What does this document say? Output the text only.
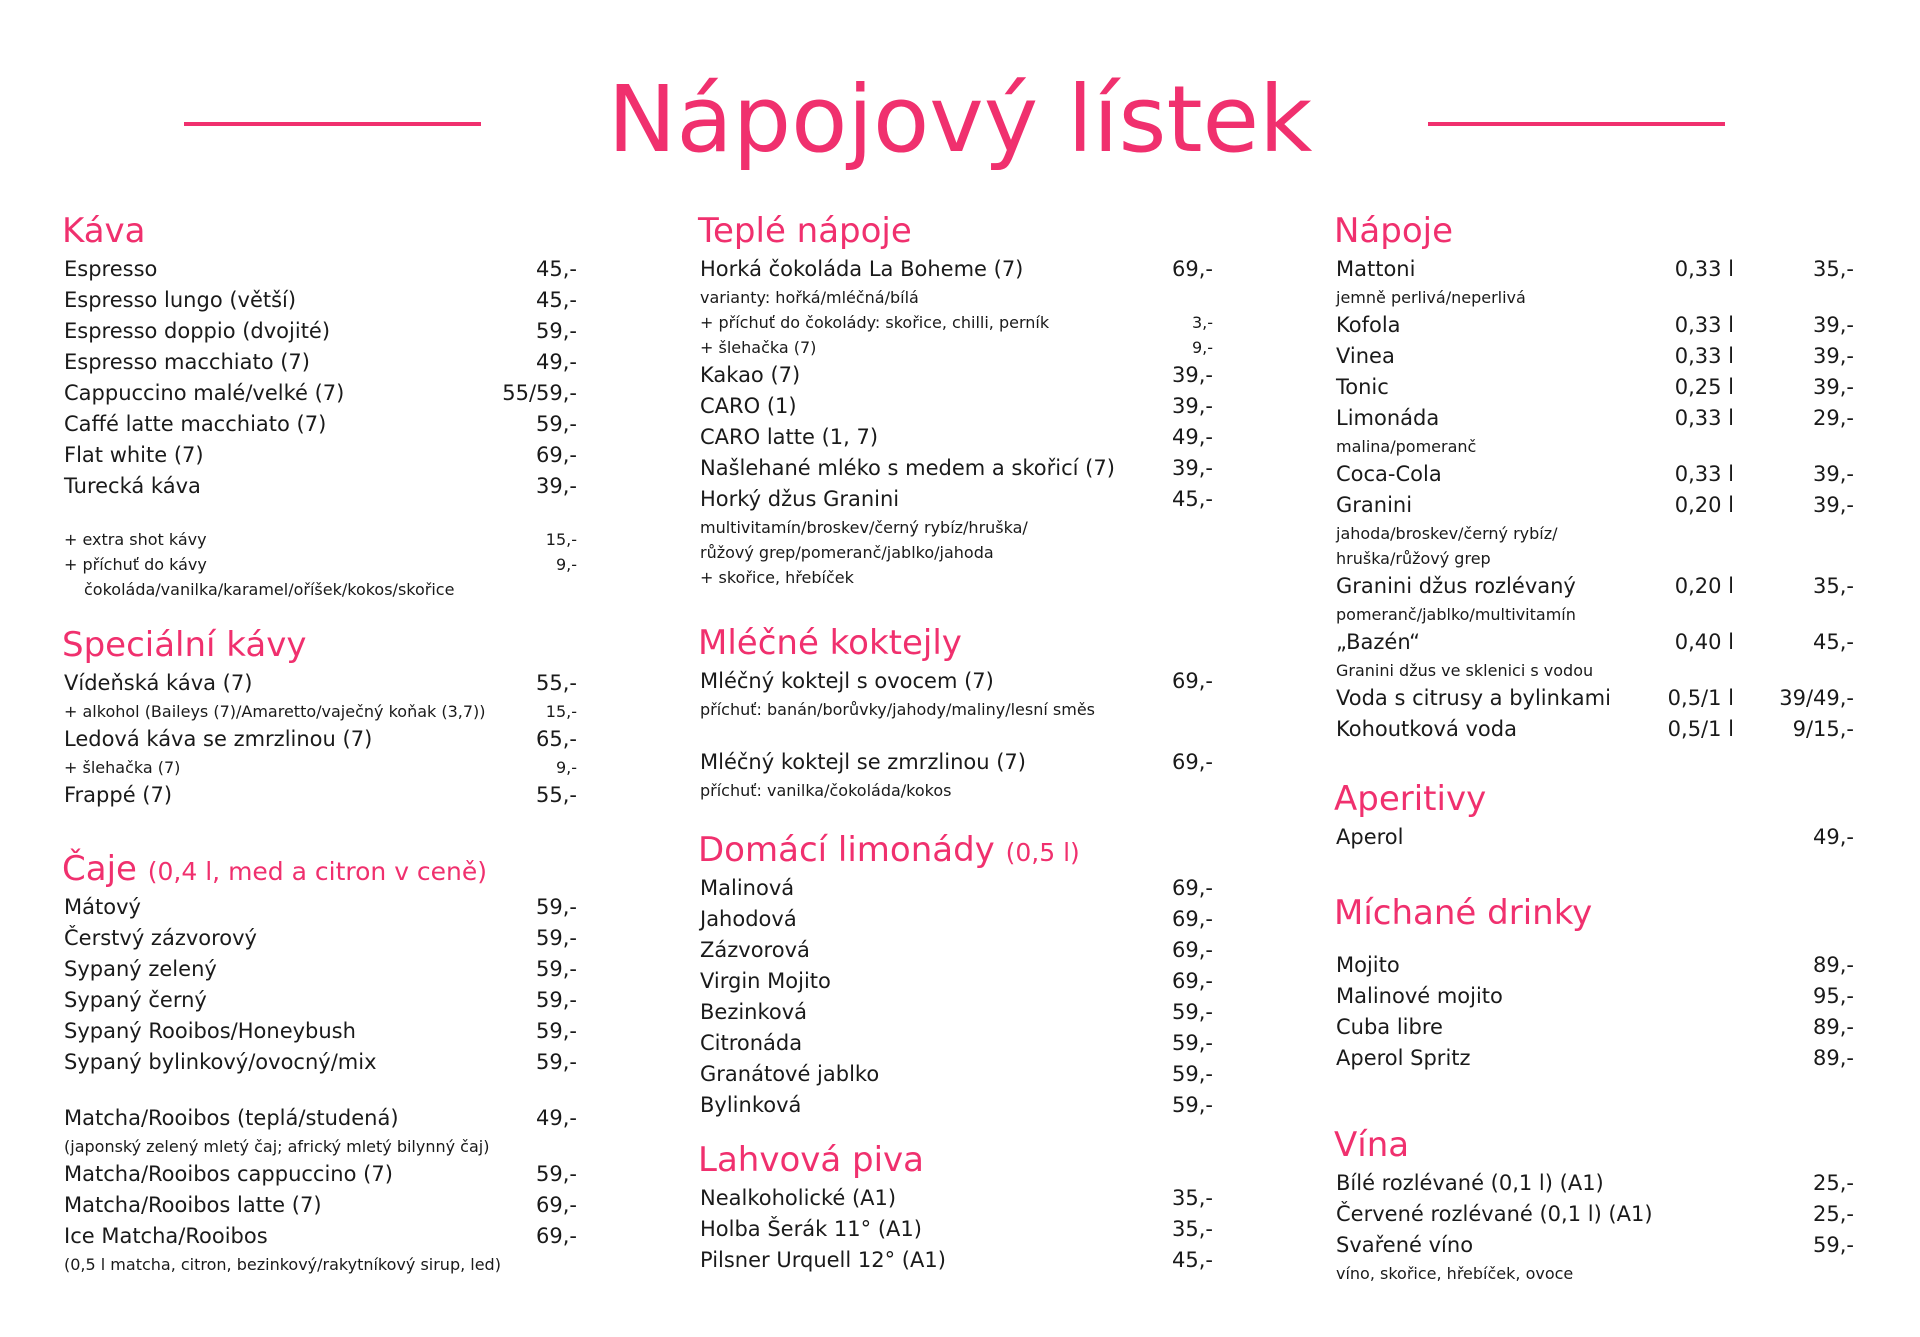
Nápojový lístek
Káva
Espresso	45,-
Espresso lungo (větší)	45,-
Espresso doppio (dvojité)	59,-
Espresso macchiato (7)	49,-
Cappuccino malé/velké (7)	55/59,-
Caffé latte macchiato (7)	59,-
Flat white (7)	69,-
Turecká káva	39,-
+ extra shot kávy	15,-
+ příchuť do kávy	9,-
čokoláda/vanilka/karamel/oříšek/kokos/skořice
Speciální kávy
Vídeňská káva (7)	55,-
+ alkohol (Baileys (7)/Amaretto/vaječný koňak (3,7))	15,-
Ledová káva se zmrzlinou (7)	65,-
+ šlehačka (7)	9,-
Frappé (7)	55,-
Čaje (0,4 l, med a citron v ceně)
Mátový	59,-
Čerstvý zázvorový	59,-
Sypaný zelený	59,-
Sypaný černý	59,-
Sypaný Rooibos/Honeybush	59,-
Sypaný bylinkový/ovocný/mix	59,-
Matcha/Rooibos (teplá/studená)	49,-
(japonský zelený mletý čaj; africký mletý bilynný čaj)
Matcha/Rooibos cappuccino (7)	59,-
Matcha/Rooibos latte (7)	69,-
Ice Matcha/Rooibos	69,-
(0,5 l matcha, citron, bezinkový/rakytníkový sirup, led)
Teplé nápoje
Horká čokoláda La Boheme (7)	69,-
varianty: hořká/mléčná/bílá
+ příchuť do čokolády: skořice, chilli, perník	3,-
+ šlehačka (7)	9,-
Kakao (7)	39,-
CARO (1)	39,-
CARO latte (1, 7)	49,-
Našlehané mléko s medem a skořicí (7)	39,-
Horký džus Granini	45,-
multivitamín/broskev/černý rybíz/hruška/
růžový grep/pomeranč/jablko/jahoda
+ skořice, hřebíček
Mléčné koktejly
Mléčný koktejl s ovocem (7)	69,-
příchuť: banán/borůvky/jahody/maliny/lesní směs
Mléčný koktejl se zmrzlinou (7)	69,-
příchuť: vanilka/čokoláda/kokos
Domácí limonády (0,5 l)
Malinová	69,-
Jahodová	69,-
Zázvorová	69,-
Virgin Mojito	69,-
Bezinková	59,-
Citronáda	59,-
Granátové jablko	59,-
Bylinková	59,-
Lahvová piva
Nealkoholické (A1)	35,-
Holba Šerák 11° (A1)	35,-
Pilsner Urquell 12° (A1)	45,-
Nápoje
Mattoni	0,33 l	35,-
jemně perlivá/neperlivá
Kofola	0,33 l	39,-
Vinea	0,33 l	39,-
Tonic	0,25 l	39,-
Limonáda	0,33 l	29,-
malina/pomeranč
Coca-Cola	0,33 l	39,-
Granini	0,20 l	39,-
jahoda/broskev/černý rybíz/
hruška/růžový grep
Granini džus rozlévaný	0,20 l	35,-
pomeranč/jablko/multivitamín
„Bazén“	0,40 l	45,-
Granini džus ve sklenici s vodou
Voda s citrusy a bylinkami	0,5/1 l 39/49,-
Kohoutková voda	0,5/1 l	9/15,-
Aperitivy
Aperol	49,-
Míchané drinky
Mojito	89,-
Malinové mojito	95,-
Cuba libre	89,-
Aperol Spritz	89,-
Vína
Bílé rozlévané (0,1 l) (A1)	25,-
Červené rozlévané (0,1 l) (A1)	25,-
Svařené víno	59,-
víno, skořice, hřebíček, ovoce
